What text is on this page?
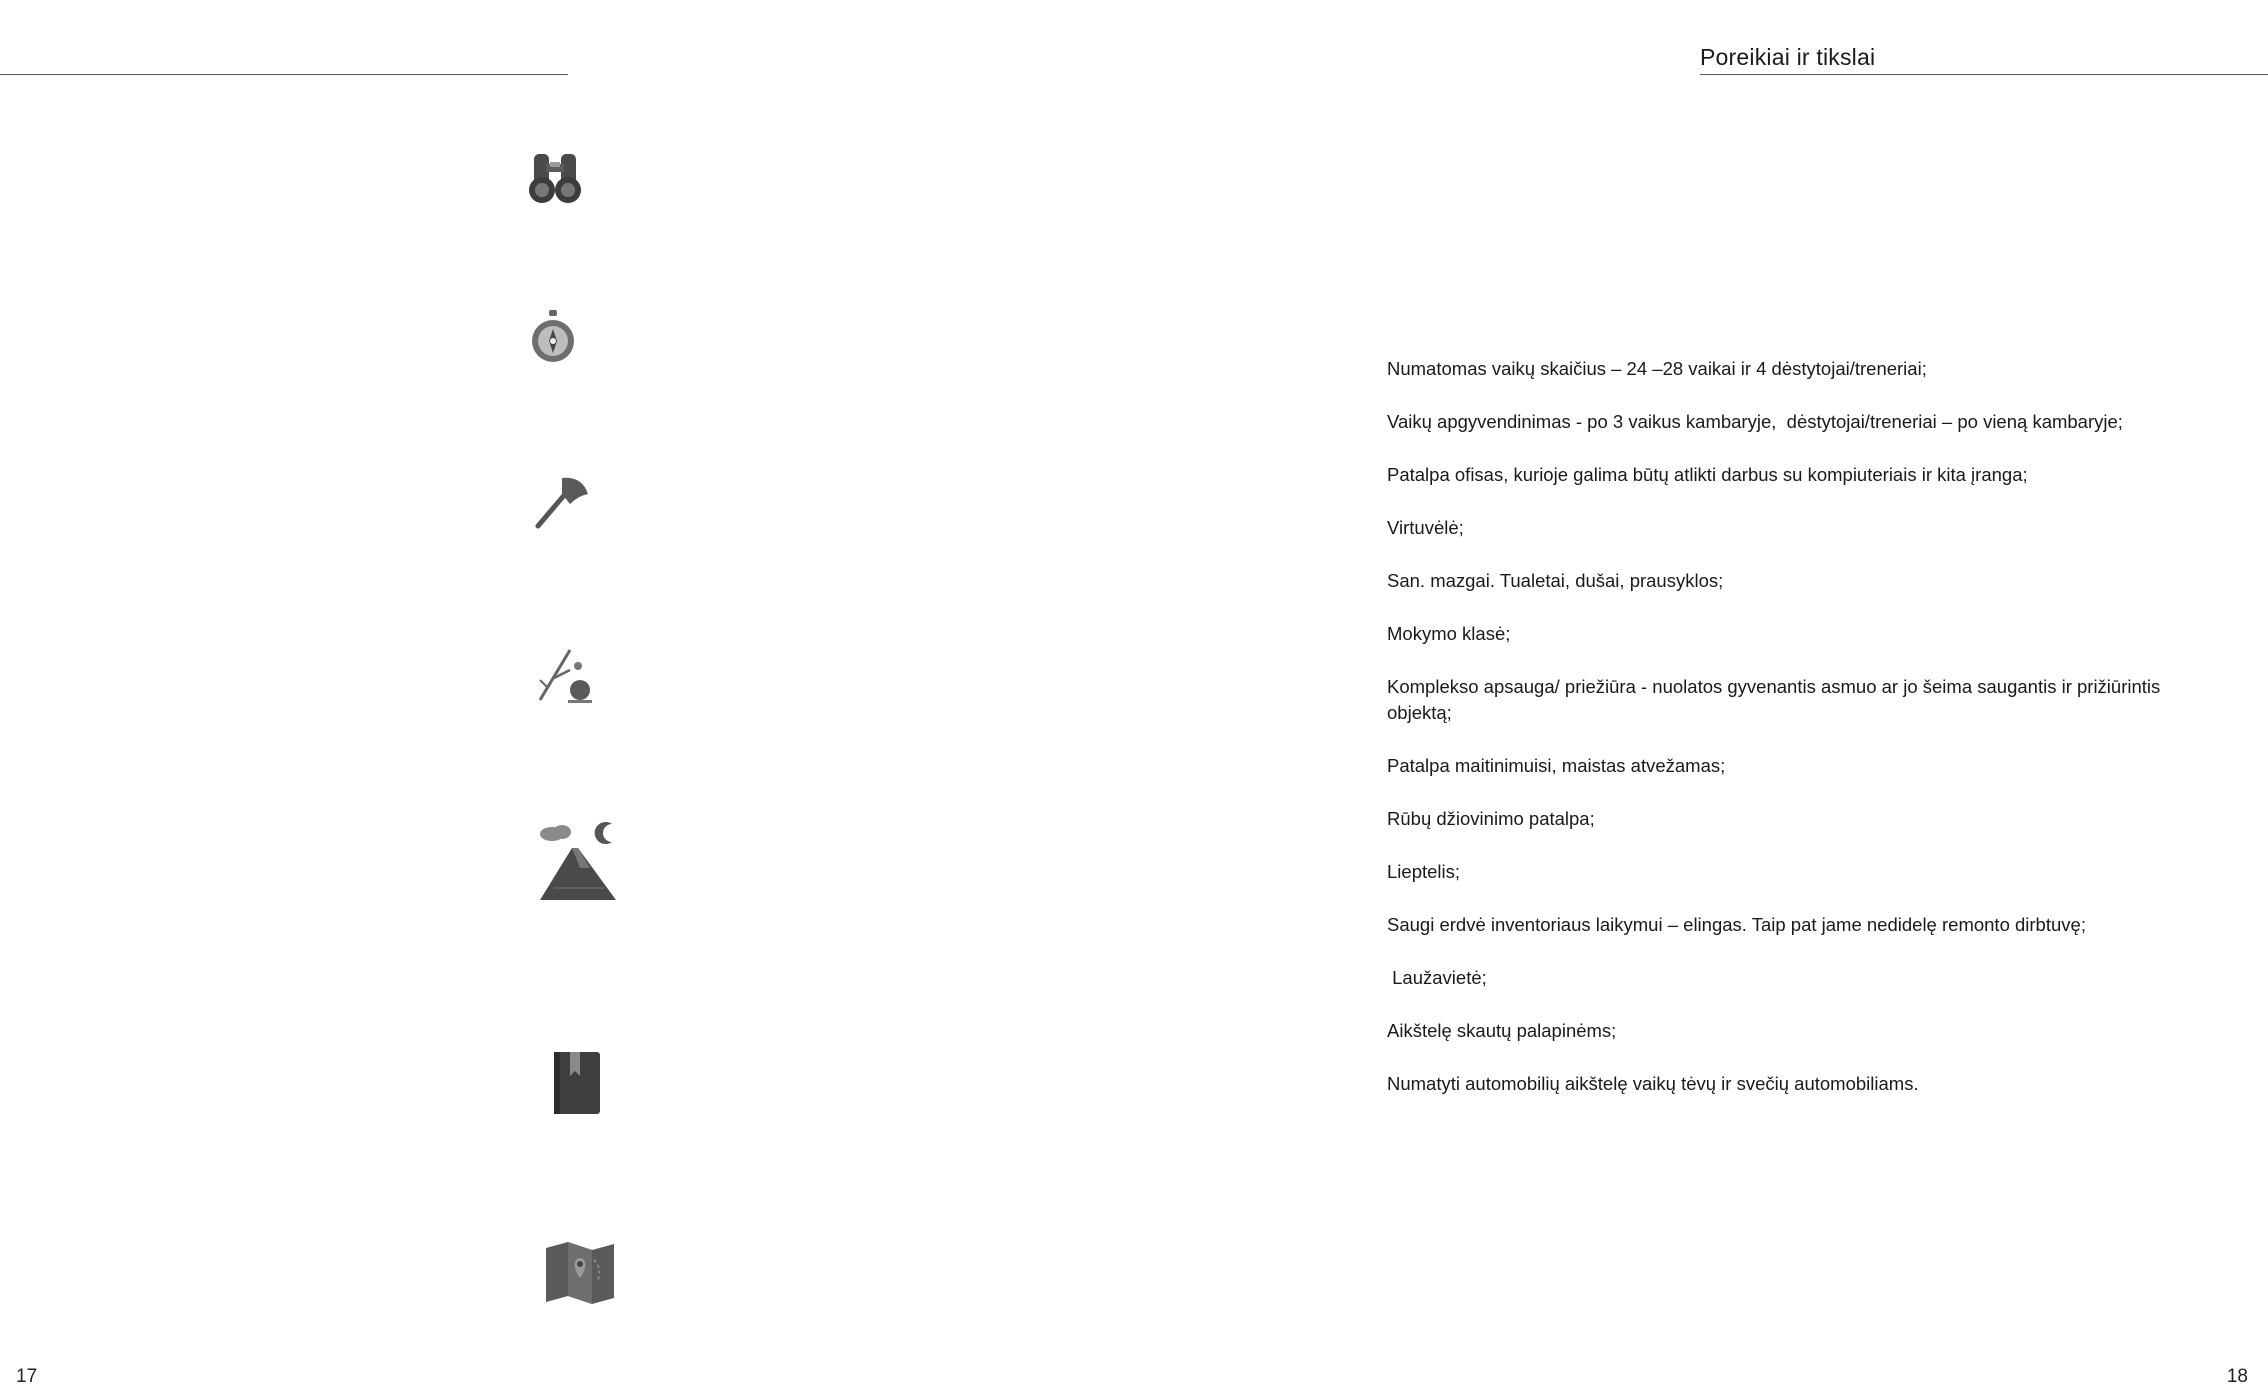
Poreikiai ir tikslai
Numatomas vaikų skaičius – 24 –28 vaikai ir 4 dėstytojai/treneriai;
Vaikų apgyvendinimas - po 3 vaikus kambaryje,  dėstytojai/treneriai – po vieną kambaryje;
Patalpa ofisas, kurioje galima būtų atlikti darbus su kompiuteriais ir kita įranga;
Virtuvėlė;
San. mazgai. Tualetai, dušai, prausyklos;
Mokymo klasė;
Komplekso apsauga/ priežiūra - nuolatos gyvenantis asmuo ar jo šeima saugantis ir prižiūrintis objektą;
Patalpa maitinimuisi, maistas atvežamas;
Rūbų džiovinimo patalpa;
Lieptelis;
Saugi erdvė inventoriaus laikymui – elingas. Taip pat jame nedidelę remonto dirbtuvę;
Laužavietė;
Aikštelę skautų palapinėms;
Numatyti automobilių aikštelę vaikų tėvų ir svečių automobiliams.
17	18
